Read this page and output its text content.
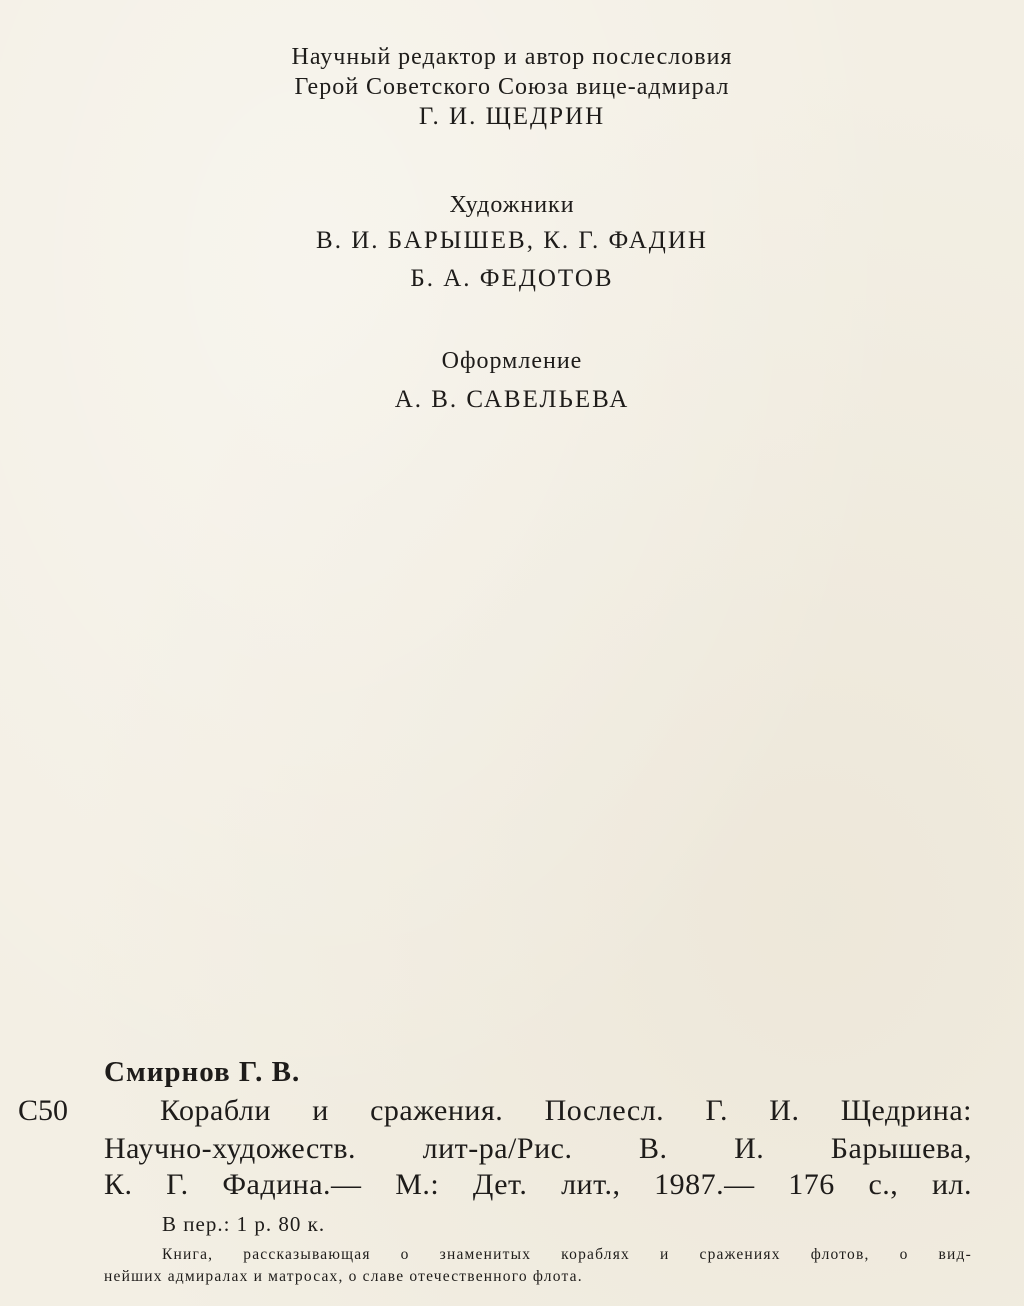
Научный редактор и автор послесловия
Герой Советского Союза вице-адмирал
Г. И. ЩЕДРИН
Художники
В. И. БАРЫШЕВ, К. Г. ФАДИН
Б. А. ФЕДОТОВ
Оформление
А. В. САВЕЛЬЕВА
Смирнов Г. В.
С50	Корабли и сражения. Послесл. Г. И. Щедрина:
Научно-художеств. лит-ра/Рис. В. И. Барышева,
К. Г. Фадина.— М.: Дет. лит., 1987.— 176 с., ил.
В пер.: 1 р. 80 к.
Книга, рассказывающая о знаменитых кораблях и сражениях флотов, о вид-
нейших адмиралах и матросах, о славе отечественного флота.
